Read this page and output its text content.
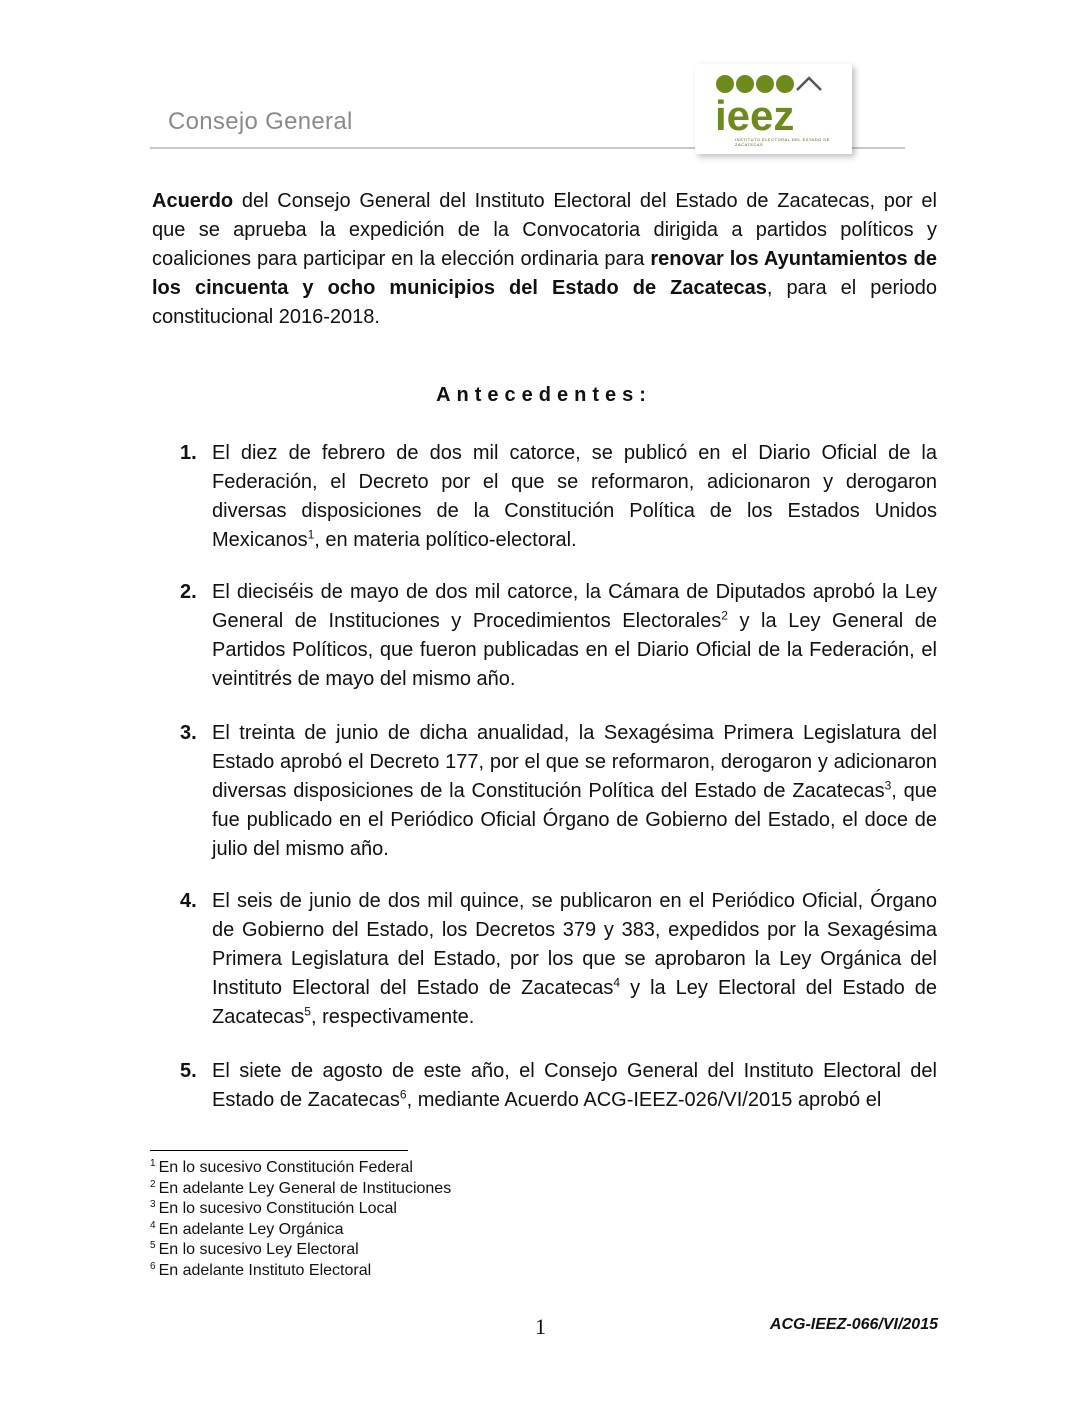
Consejo General	ieez
INSTITUTO ELECTORAL DEL ESTADO DE ZACATECAS
Acuerdo del Consejo General del Instituto Electoral del Estado de Zacatecas, por el que se aprueba la expedición de la Convocatoria dirigida a partidos políticos y coaliciones para participar en la elección ordinaria para renovar los Ayuntamientos de los cincuenta y ocho municipios del Estado de Zacatecas, para el periodo constitucional 2016-2018.
Antecedentes:
1. El diez de febrero de dos mil catorce, se publicó en el Diario Oficial de la Federación, el Decreto por el que se reformaron, adicionaron y derogaron diversas disposiciones de la Constitución Política de los Estados Unidos Mexicanos$^1$, en materia político-electoral.
2. El dieciséis de mayo de dos mil catorce, la Cámara de Diputados aprobó la Ley General de Instituciones y Procedimientos Electorales$^2$ y la Ley General de Partidos Políticos, que fueron publicadas en el Diario Oficial de la Federación, el veintitrés de mayo del mismo año.
3. El treinta de junio de dicha anualidad, la Sexagésima Primera Legislatura del Estado aprobó el Decreto 177, por el que se reformaron, derogaron y adicionaron diversas disposiciones de la Constitución Política del Estado de Zacatecas$^3$, que fue publicado en el Periódico Oficial Órgano de Gobierno del Estado, el doce de julio del mismo año.
4. El seis de junio de dos mil quince, se publicaron en el Periódico Oficial, Órgano de Gobierno del Estado, los Decretos 379 y 383, expedidos por la Sexagésima Primera Legislatura del Estado, por los que se aprobaron la Ley Orgánica del Instituto Electoral del Estado de Zacatecas$^4$ y la Ley Electoral del Estado de Zacatecas$^5$, respectivamente.
5. El siete de agosto de este año, el Consejo General del Instituto Electoral del Estado de Zacatecas$^6$, mediante Acuerdo ACG-IEEZ-026/VI/2015 aprobó el
$^1$ En lo sucesivo Constitución Federal
$^2$ En adelante Ley General de Instituciones
$^3$ En lo sucesivo Constitución Local
$^4$ En adelante Ley Orgánica
$^5$ En lo sucesivo Ley Electoral
$^6$ En adelante Instituto Electoral
1	ACG-IEEZ-066/VI/2015
